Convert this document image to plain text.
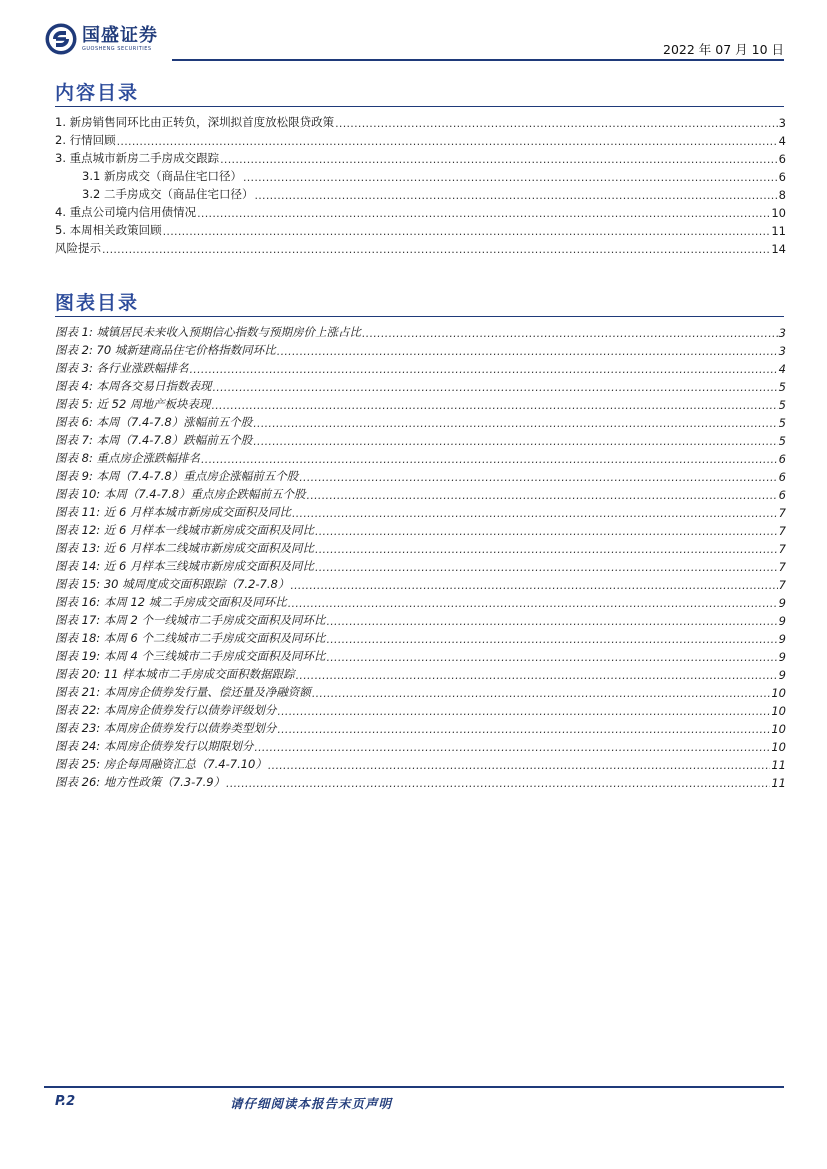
国盛证券
GUOSHENG SECURITIES	2022 年 07 月 10 日
内容目录
1. 新房销售同环比由正转负，深圳拟首度放松限贷政策 .....	3
2. 行情回顾 .....	4
3. 重点城市新房二手房成交跟踪 .....	6
3.1 新房成交（商品住宅口径） .....	6
3.2 二手房成交（商品住宅口径） .....	8
4. 重点公司境内信用债情况 .....	10
5. 本周相关政策回顾 .....	11
风险提示 .....	14
图表目录
图表 1: 城镇居民未来收入预期信心指数与预期房价上涨占比 .....	3
图表 2: 70 城新建商品住宅价格指数同环比 .....	3
图表 3: 各行业涨跌幅排名 .....	4
图表 4: 本周各交易日指数表现 .....	5
图表 5: 近 52 周地产板块表现 .....	5
图表 6: 本周（7.4-7.8）涨幅前五个股 .....	5
图表 7: 本周（7.4-7.8）跌幅前五个股 .....	5
图表 8: 重点房企涨跌幅排名 .....	6
图表 9: 本周（7.4-7.8）重点房企涨幅前五个股 .....	6
图表 10: 本周（7.4-7.8）重点房企跌幅前五个股 .....	6
图表 11: 近 6 月样本城市新房成交面积及同比 .....	7
图表 12: 近 6 月样本一线城市新房成交面积及同比 .....	7
图表 13: 近 6 月样本二线城市新房成交面积及同比 .....	7
图表 14: 近 6 月样本三线城市新房成交面积及同比 .....	7
图表 15: 30 城周度成交面积跟踪（7.2-7.8） .....	7
图表 16: 本周 12 城二手房成交面积及同环比 .....	9
图表 17: 本周 2 个一线城市二手房成交面积及同环比 .....	9
图表 18: 本周 6 个二线城市二手房成交面积及同环比 .....	9
图表 19: 本周 4 个三线城市二手房成交面积及同环比 .....	9
图表 20: 11 样本城市二手房成交面积数据跟踪 .....	9
图表 21: 本周房企债券发行量、偿还量及净融资额 .....	10
图表 22: 本周房企债券发行以债券评级划分 .....	10
图表 23: 本周房企债券发行以债券类型划分 .....	10
图表 24: 本周房企债券发行以期限划分 .....	10
图表 25: 房企每周融资汇总（7.4-7.10） .....	11
图表 26: 地方性政策（7.3-7.9） .....	11
P.2	请仔细阅读本报告末页声明
